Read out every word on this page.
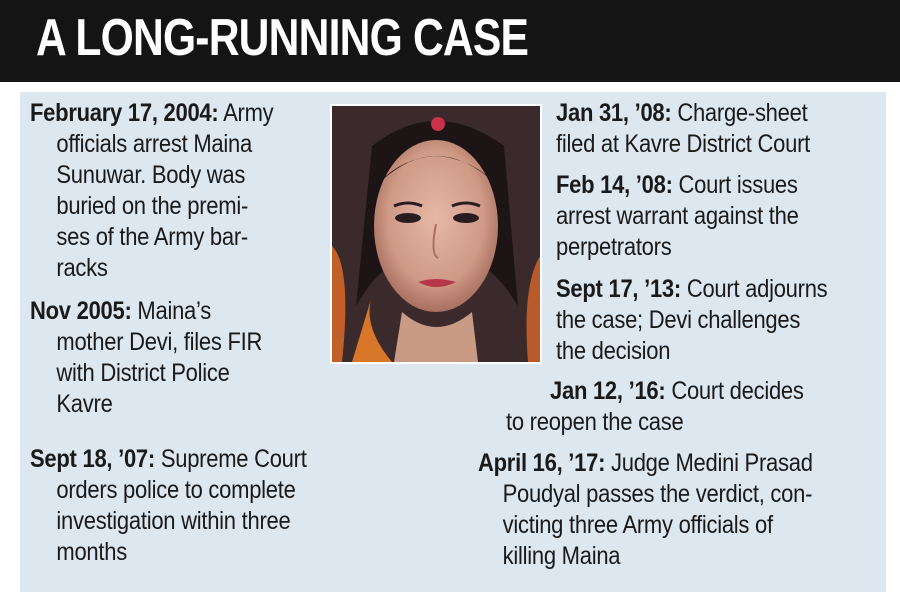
A LONG-RUNNING CASE
February 17, 2004: Army
officials arrest Maina
Sunuwar. Body was
buried on the premi-
ses of the Army bar-
racks
Nov 2005: Maina’s
mother Devi, files FIR
with District Police
Kavre
Sept 18, ’07: Supreme Court
orders police to complete
investigation within three
months
Jan 31, ’08: Charge-sheet
filed at Kavre District Court
Feb 14, ’08: Court issues
arrest warrant against the
perpetrators
Sept 17, ’13: Court adjourns
the case; Devi challenges
the decision
Jan 12, ’16: Court decides
to reopen the case
April 16, ’17: Judge Medini Prasad
Poudyal passes the verdict, con-
victing three Army officials of
killing Maina
